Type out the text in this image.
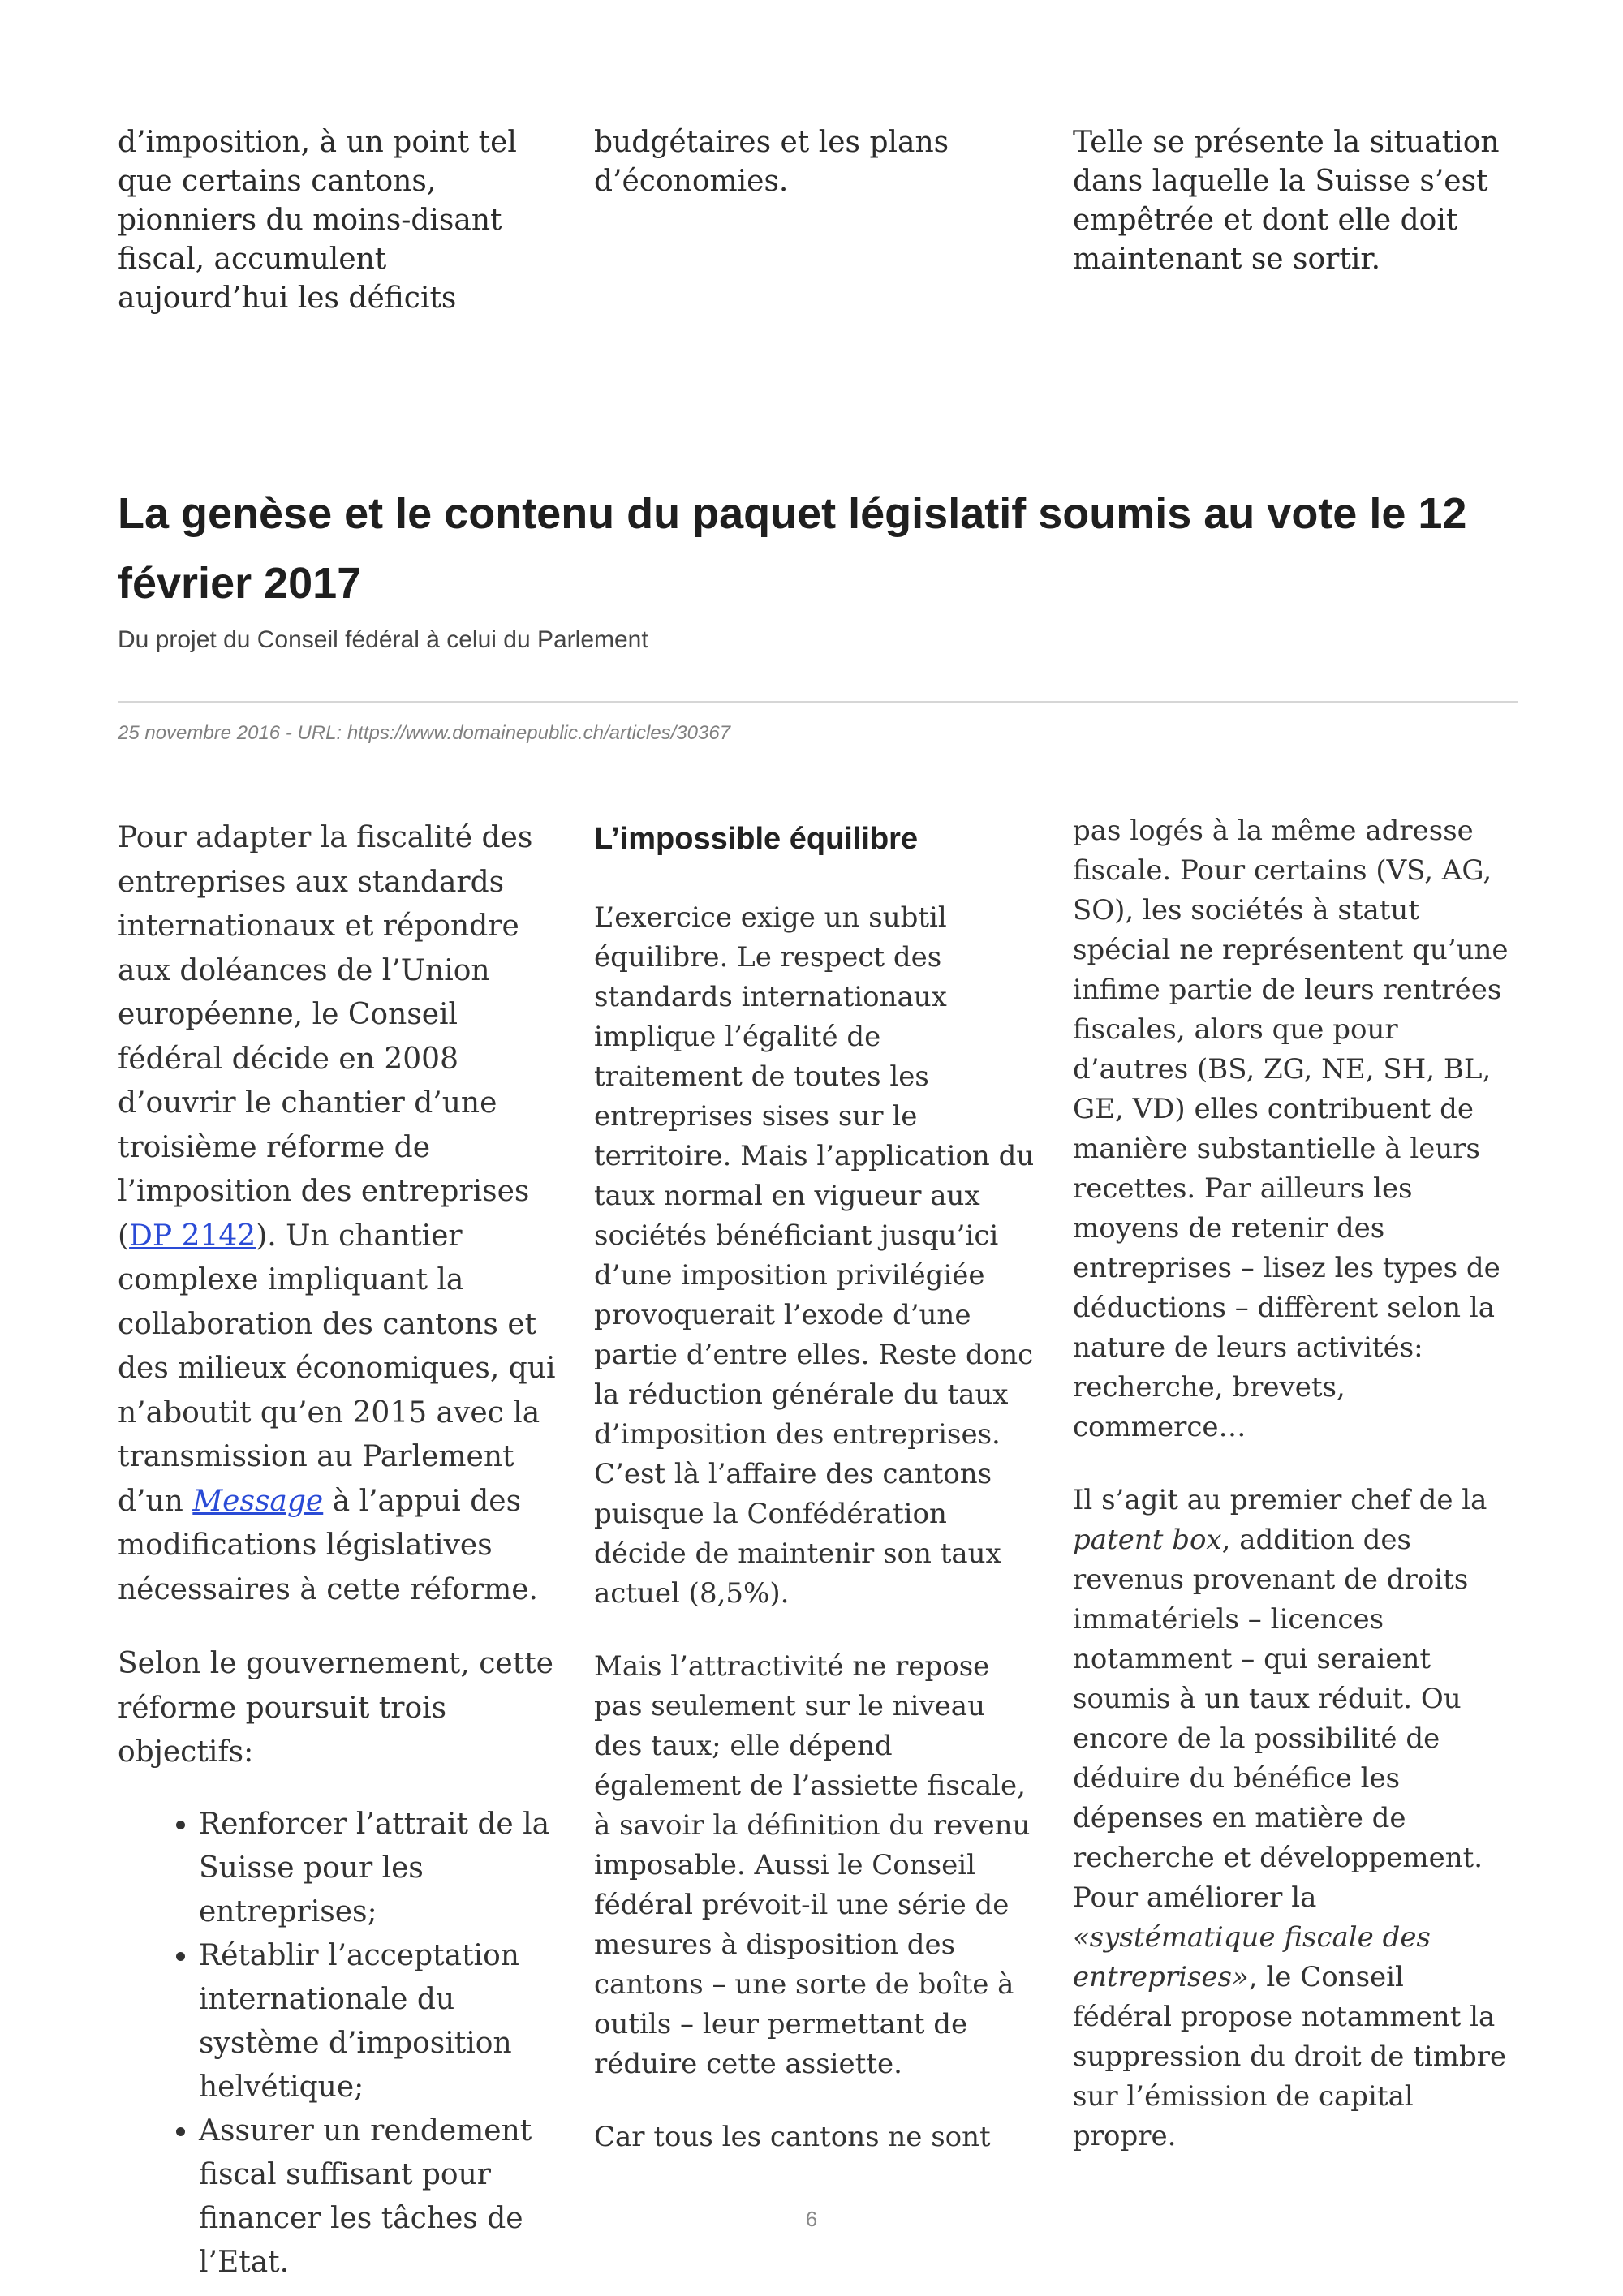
d’imposition, à un point tel que certains cantons, pionniers du moins-disant fiscal, accumulent aujourd’hui les déficits

budgétaires et les plans d’économies.

Telle se présente la situation dans laquelle la Suisse s’est empêtrée et dont elle doit maintenant se sortir.

La genèse et le contenu du paquet législatif soumis au vote le 12 février 2017
Du projet du Conseil fédéral à celui du Parlement
25 novembre 2016 - URL: https://www.domainepublic.ch/articles/30367

Pour adapter la fiscalité des entreprises aux standards internationaux et répondre aux doléances de l’Union européenne, le Conseil fédéral décide en 2008 d’ouvrir le chantier d’une troisième réforme de l’imposition des entreprises (DP 2142). Un chantier complexe impliquant la collaboration des cantons et des milieux économiques, qui n’aboutit qu’en 2015 avec la transmission au Parlement d’un Message à l’appui des modifications législatives nécessaires à cette réforme.

Selon le gouvernement, cette réforme poursuit trois objectifs:

• Renforcer l’attrait de la Suisse pour les entreprises;
• Rétablir l’acceptation internationale du système d’imposition helvétique;
• Assurer un rendement fiscal suffisant pour financer les tâches de l’Etat.
L’impossible équilibre

L’exercice exige un subtil équilibre. Le respect des standards internationaux implique l’égalité de traitement de toutes les entreprises sises sur le territoire. Mais l’application du taux normal en vigueur aux sociétés bénéficiant jusqu’ici d’une imposition privilégiée provoquerait l’exode d’une partie d’entre elles. Reste donc la réduction générale du taux d’imposition des entreprises. C’est là l’affaire des cantons puisque la Confédération décide de maintenir son taux actuel (8,5%).

Mais l’attractivité ne repose pas seulement sur le niveau des taux; elle dépend également de l’assiette fiscale, à savoir la définition du revenu imposable. Aussi le Conseil fédéral prévoit-il une série de mesures à disposition des cantons – une sorte de boîte à outils – leur permettant de réduire cette assiette.

Car tous les cantons ne sont

pas logés à la même adresse fiscale. Pour certains (VS, AG, SO), les sociétés à statut spécial ne représentent qu’une infime partie de leurs rentrées fiscales, alors que pour d’autres (BS, ZG, NE, SH, BL, GE, VD) elles contribuent de manière substantielle à leurs recettes. Par ailleurs les moyens de retenir des entreprises – lisez les types de déductions – diffèrent selon la nature de leurs activités: recherche, brevets, commerce…

Il s’agit au premier chef de la patent box, addition des revenus provenant de droits immatériels – licences notamment – qui seraient soumis à un taux réduit. Ou encore de la possibilité de déduire du bénéfice les dépenses en matière de recherche et développement. Pour améliorer la «systématique fiscale des entreprises», le Conseil fédéral propose notamment la suppression du droit de timbre sur l’émission de capital propre.

6
